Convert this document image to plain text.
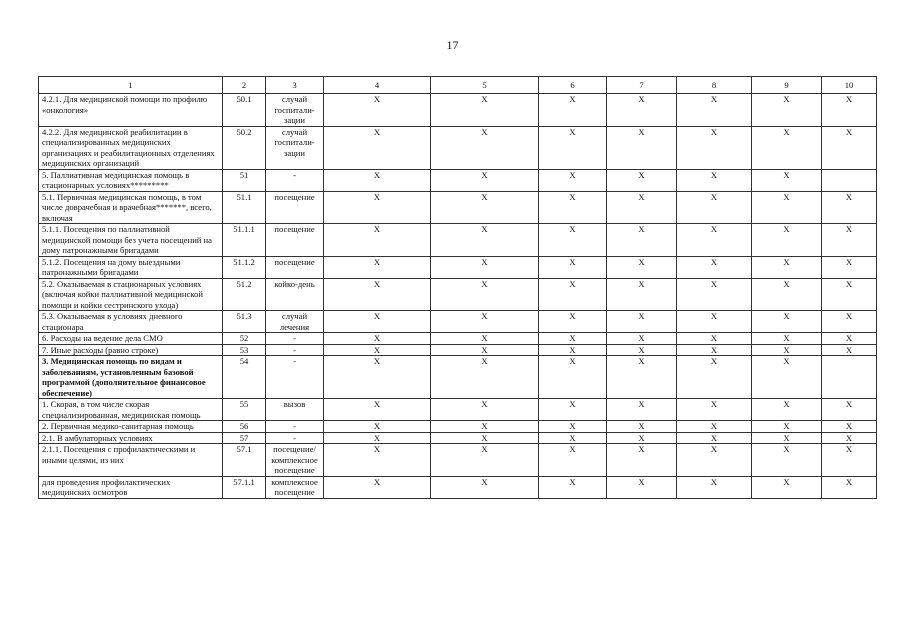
17
1	2	3	4	5	6	7	8	9	10
4.2.1. Для медицинской помощи по профилю «онкология»	50.1	случай госпитали-зации	X	X	X	X	X	X	X
4.2.2. Для медицинской реабилитации в специализированных медицинских организациях и реабилитационных отделениях медицинских организаций	50.2	случай госпитали-зации	X	X	X	X	X	X	X
5. Паллиативная медицинская помощь в стационарных условиях*********	51	-	X	X	X	X	X	X	
5.1. Первичная медицинская помощь, в том числе доврачебная и врачебная*******, всего, включая	51.1	посещение	X	X	X	X	X	X	X
5.1.1. Посещения по паллиативной медицинской помощи без учета посещений на дому патронажными бригадами	51.1.1	посещение	X	X	X	X	X	X	X
5.1.2. Посещения на дому выездными патронажными бригадами	51.1.2	посещение	X	X	X	X	X	X	X
5.2. Оказываемая в стационарных условиях (включая койки паллиативной медицинской помощи и койки сестринского ухода)	51.2	койко-день	X	X	X	X	X	X	X
5.3. Оказываемая в условиях дневного стационара	51.3	случай лечения	X	X	X	X	X	X	X
6. Расходы на ведение дела СМО	52	-	X	X	X	X	X	X	X
7. Иные расходы (равно строке)	53	-	X	X	X	X	X	X	X
3. Медицинская помощь по видам и заболеваниям, установленным базовой программой (дополнительное финансовое обеспечение)	54	-	X	X	X	X	X	X	
1. Скорая, в том числе скорая специализированная, медицинская помощь	55	вызов	X	X	X	X	X	X	X
2. Первичная медико-санитарная помощь	56	-	X	X	X	X	X	X	X
2.1. В амбулаторных условиях	57	-	X	X	X	X	X	X	X
2.1.1. Посещения с профилактическими и иными целями, из них	57.1	посещение/ комплексное посещение	X	X	X	X	X	X	X
для проведения профилактических медицинских осмотров	57.1.1	комплексное посещение	X	X	X	X	X	X	X
